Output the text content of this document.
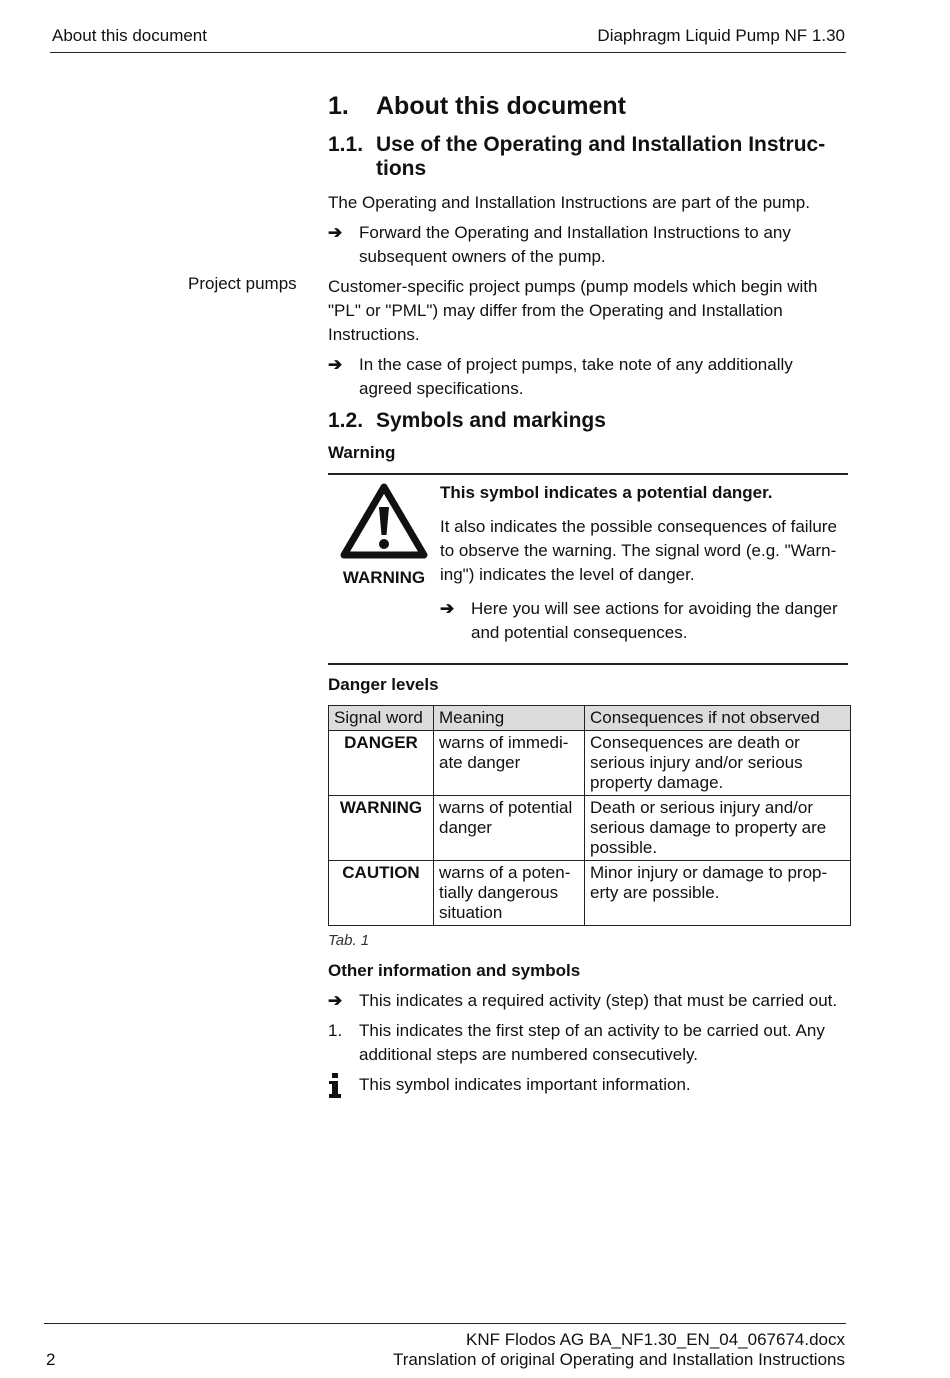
About this document	Diaphragm Liquid Pump NF 1.30
Project pumps
1.	About this document
1.1. Use of the Operating and Installation Instruc- tions

The Operating and Installation Instructions are part of the pump.

➔ Forward the Operating and Installation Instructions to any subsequent owners of the pump.

Customer-specific project pumps (pump models which begin with "PL" or "PML") may differ from the Operating and Installation Instructions.

➔ In the case of project pumps, take note of any additionally agreed specifications.
1.2. Symbols and markings
Warning
WARNING

This symbol indicates a potential danger.

It also indicates the possible consequences of failure to observe the warning. The signal word (e.g. "Warn-ing") indicates the level of danger.

➔ Here you will see actions for avoiding the danger and potential consequences.
Danger levels
Signal word	Meaning	Consequences if not observed
DANGER	warns of immedi-ate danger	Consequences are death or serious injury and/or serious property damage.
WARNING	warns of potential danger	Death or serious injury and/or serious damage to property are possible.
CAUTION	warns of a poten-tially dangerous situation	Minor injury or damage to prop-erty are possible.
Tab. 1
Other information and symbols
➔ This indicates a required activity (step) that must be carried out.
1. This indicates the first step of an activity to be carried out. Any additional steps are numbered consecutively.
This symbol indicates important information.
2
KNF Flodos AG BA_NF1.30_EN_04_067674.docx
Translation of original Operating and Installation Instructions
